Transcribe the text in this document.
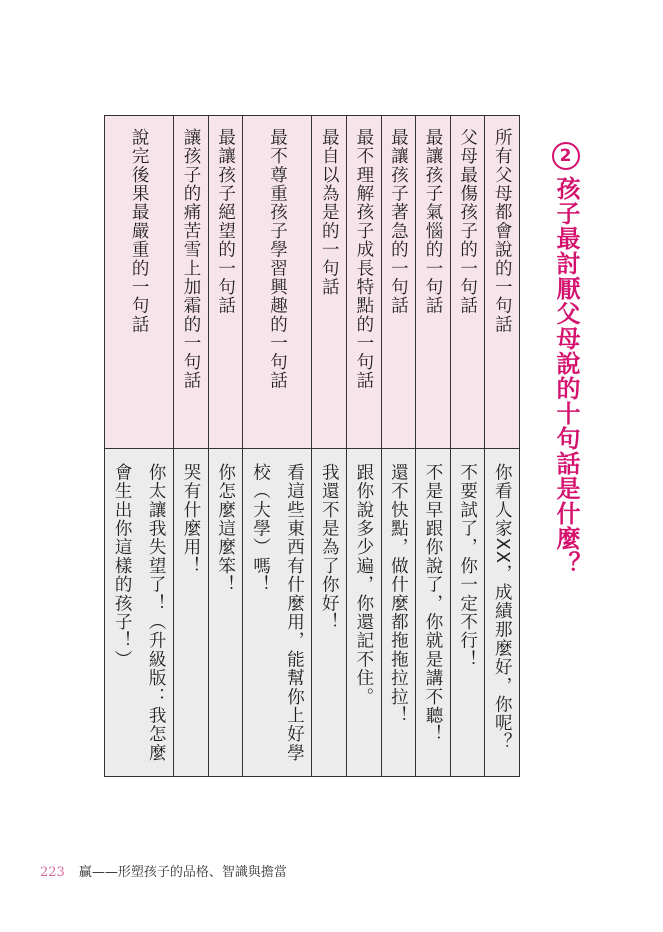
2孩子最討厭父母說的十句話是什麼？
所有父母都會說的一句話
你看人家XX，成績那麼好，你呢？
父母最傷孩子的一句話
不要試了，你一定不行！
最讓孩子氣惱的一句話
不是早跟你說了，你就是講不聽！
最讓孩子著急的一句話
還不快點，做什麼都拖拖拉拉！
最不理解孩子成長特點的一句話
跟你說多少遍，你還記不住。
最自以為是的一句話
我還不是為了你好！
最不尊重孩子學習興趣的一句話
看這些東西有什麼用，能幫你上好學
校（大學）嗎！
最讓孩子絕望的一句話
你怎麼這麼笨！
讓孩子的痛苦雪上加霜的一句話
哭有什麼用！
說完後果最嚴重的一句話
你太讓我失望了！（升級版：我怎麼
會生出你這樣的孩子！）
223 贏——形塑孩子的品格、智識與擔當
